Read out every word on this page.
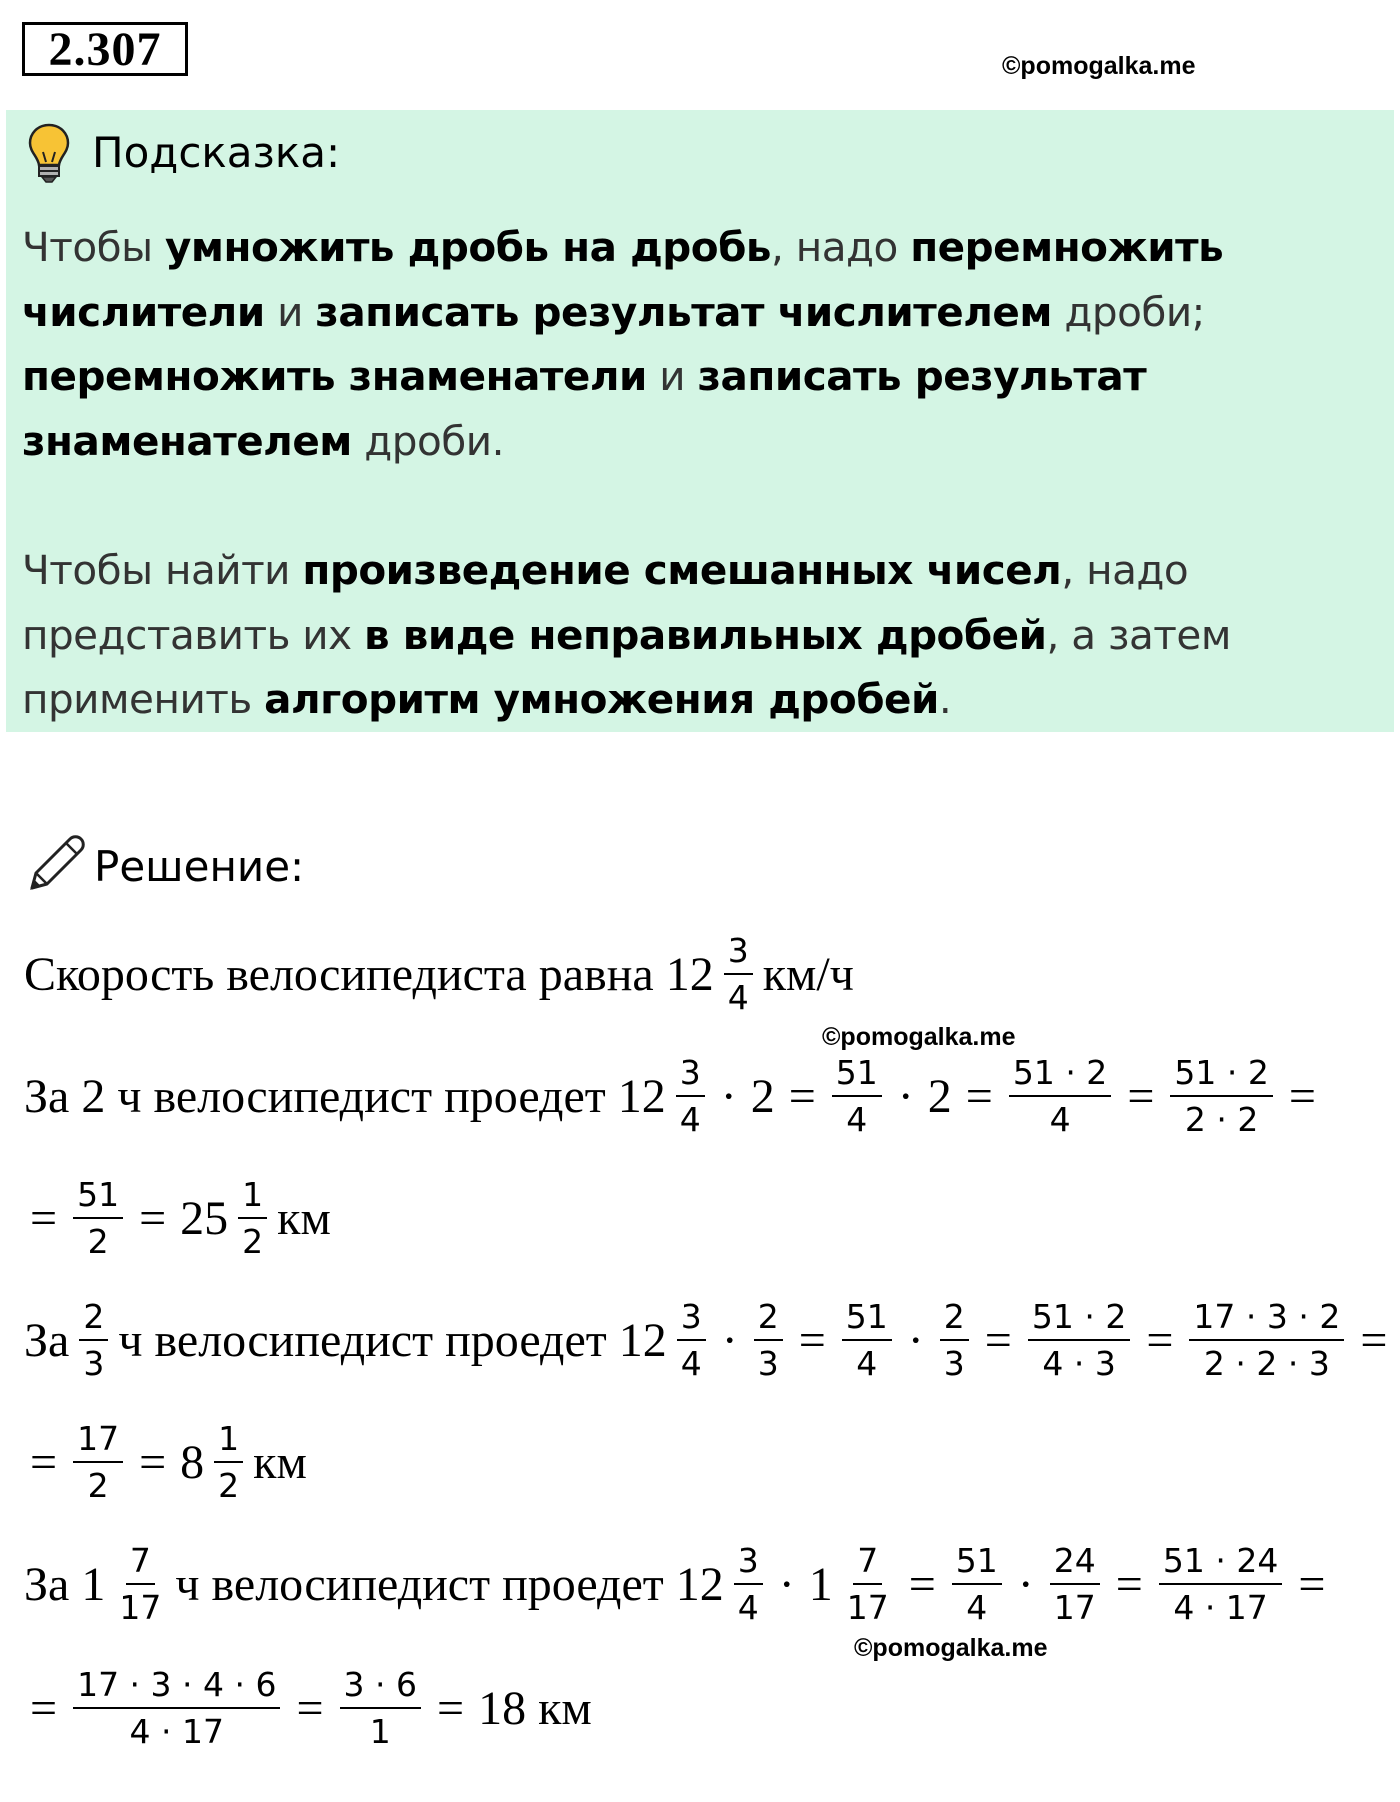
2.307	©pomogalka.me
©pomogalka.me
©pomogalka.me
Подсказка:
Чтобы умножить дробь на дробь, надо перемножить числители и записать результат числителем дроби; перемножить знаменатели и записать результат знаменателем дроби.
Чтобы найти произведение смешанных чисел, надо представить их в виде неправильных дробей, а затем применить алгоритм умножения дробей.
Решение:
Скорость велосипедиста равна $12 \frac{3}{4} км/ч$
За 2 ч велосипедист проедет $12 \frac{3}{4} \cdot 2 = \frac{51}{4} \cdot 2 = \frac{51 \cdot 2}{4} = \frac{51 \cdot 2}{2 \cdot 2}$ =
= $\frac{51}{2} = 25 \frac{1}{2}$ км
За $\frac{2}{3}$ ч велосипедист проедет $12 \frac{3}{4} \cdot \frac{2}{3} = \frac{51}{4} \cdot \frac{2}{3} = \frac{51 \cdot 2}{4 \cdot 3} = \frac{17 \cdot 3 \cdot 2}{2 \cdot 2 \cdot 3}$ =
= $\frac{17}{2} = 8 \frac{1}{2}$ км
За $1 \frac{7}{17}$ ч велосипедист проедет $12 \frac{3}{4} \cdot 1 \frac{7}{17} = \frac{51}{4} \cdot \frac{24}{17} = \frac{51 \cdot 24}{4 \cdot 17}$ =
= $\frac{17 \cdot 3 \cdot 4 \cdot 6}{4 \cdot 17} = \frac{3 \cdot 6}{1} = 18$ км
